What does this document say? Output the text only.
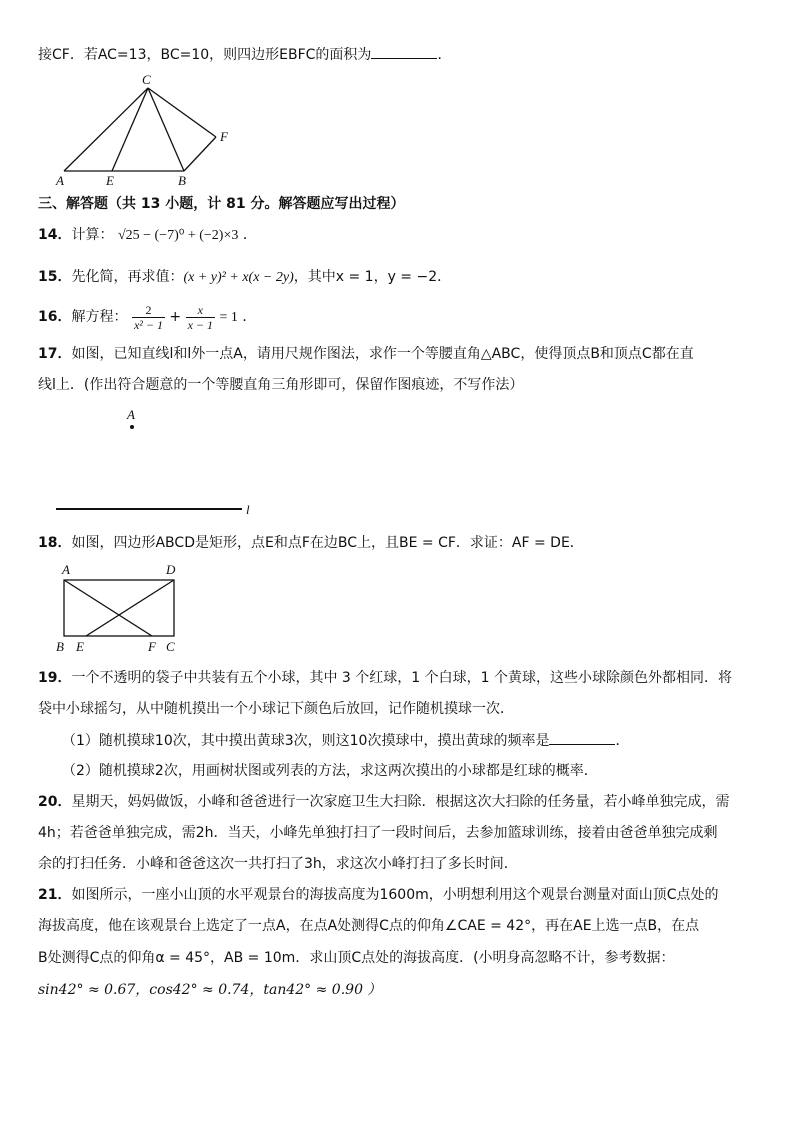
接CF．若AC=13，BC=10，则四边形EBFC的面积为	．
C
F
A	E	B
三、解答题（共 13 小题，计 81 分。解答题应写出过程）
14．计算： √25 − (−7)⁰ + (−2)×3 ．
15．先化简，再求值：(x + y)² + x(x − 2y)，其中x = 1，y = −2．
16．解方程： $\frac{2}{\text{x² − 1}} + \frac{x}{x - 1} = 1$ ．
17．如图，已知直线l和l外一点A，请用尺规作图法，求作一个等腰直角△ABC，使得顶点B和顶点C都在直
线l上．(作出符合题意的一个等腰直角三角形即可，保留作图痕迹，不写作法）
A
l
18．如图，四边形ABCD是矩形，点E和点F在边BC上，且BE = CF．求证：AF = DE．
A	D
B E	F C
19．一个不透明的袋子中共装有五个小球，其中 3 个红球，1 个白球，1 个黄球，这些小球除颜色外都相同．将
袋中小球摇匀，从中随机摸出一个小球记下颜色后放回，记作随机摸球一次．
（1）随机摸球10次，其中摸出黄球3次，则这10次摸球中，摸出黄球的频率是	．
（2）随机摸球2次，用画树状图或列表的方法，求这两次摸出的小球都是红球的概率．
20．星期天，妈妈做饭，小峰和爸爸进行一次家庭卫生大扫除．根据这次大扫除的任务量，若小峰单独完成，需
4h；若爸爸单独完成，需2h．当天，小峰先单独打扫了一段时间后，去参加篮球训练，接着由爸爸单独完成剩
余的打扫任务．小峰和爸爸这次一共打扫了3h，求这次小峰打扫了多长时间．
21．如图所示，一座小山顶的水平观景台的海拔高度为1600m，小明想利用这个观景台测量对面山顶C点处的
海拔高度，他在该观景台上选定了一点A，在点A处测得C点的仰角∠CAE = 42°，再在AE上选一点B，在点
B处测得C点的仰角α = 45°，AB = 10m．求山顶C点处的海拔高度．(小明身高忽略不计，参考数据：
sin42° ≈ 0.67，cos42° ≈ 0.74，tan42° ≈ 0.90 ）
